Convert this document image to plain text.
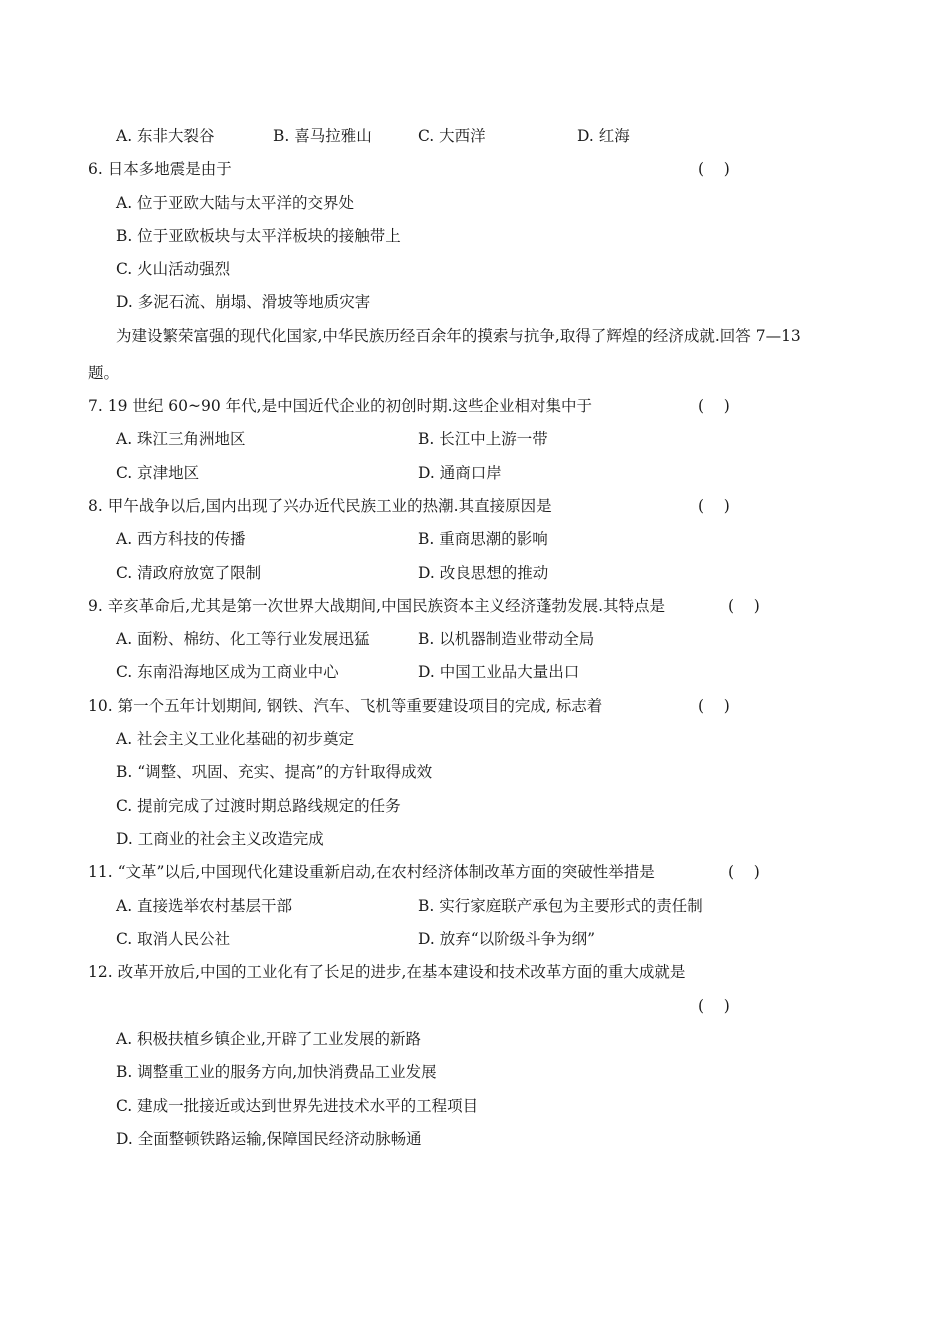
A. 东非大裂谷	B. 喜马拉雅山	C. 大西洋	D. 红海
6. 日本多地震是由于	(    )
A. 位于亚欧大陆与太平洋的交界处
B. 位于亚欧板块与太平洋板块的接触带上
C. 火山活动强烈
D. 多泥石流、崩塌、滑坡等地质灾害
为建设繁荣富强的现代化国家,中华民族历经百余年的摸索与抗争,取得了辉煌的经济成就.回答 7—13
题。
7. 19 世纪 60~90 年代,是中国近代企业的初创时期.这些企业相对集中于	(    )
A. 珠江三角洲地区	B. 长江中上游一带
C. 京津地区	D. 通商口岸
8. 甲午战争以后,国内出现了兴办近代民族工业的热潮.其直接原因是	(    )
A. 西方科技的传播	B. 重商思潮的影响
C. 清政府放宽了限制	D. 改良思想的推动
9. 辛亥革命后,尤其是第一次世界大战期间,中国民族资本主义经济蓬勃发展.其特点是	(    )
A. 面粉、棉纺、化工等行业发展迅猛	B. 以机器制造业带动全局
C. 东南沿海地区成为工商业中心	D. 中国工业品大量出口
10. 第一个五年计划期间, 钢铁、汽车、飞机等重要建设项目的完成, 标志着	(    )
A. 社会主义工业化基础的初步奠定
B. “调整、巩固、充实、提高”的方针取得成效
C. 提前完成了过渡时期总路线规定的任务
D. 工商业的社会主义改造完成
11. “文革”以后,中国现代化建设重新启动,在农村经济体制改革方面的突破性举措是	(    )
A. 直接选举农村基层干部	B. 实行家庭联产承包为主要形式的责任制
C. 取消人民公社	D. 放弃“以阶级斗争为纲”
12. 改革开放后,中国的工业化有了长足的进步,在基本建设和技术改革方面的重大成就是
(    )
A. 积极扶植乡镇企业,开辟了工业发展的新路
B. 调整重工业的服务方向,加快消费品工业发展
C. 建成一批接近或达到世界先进技术水平的工程项目
D. 全面整顿铁路运输,保障国民经济动脉畅通
